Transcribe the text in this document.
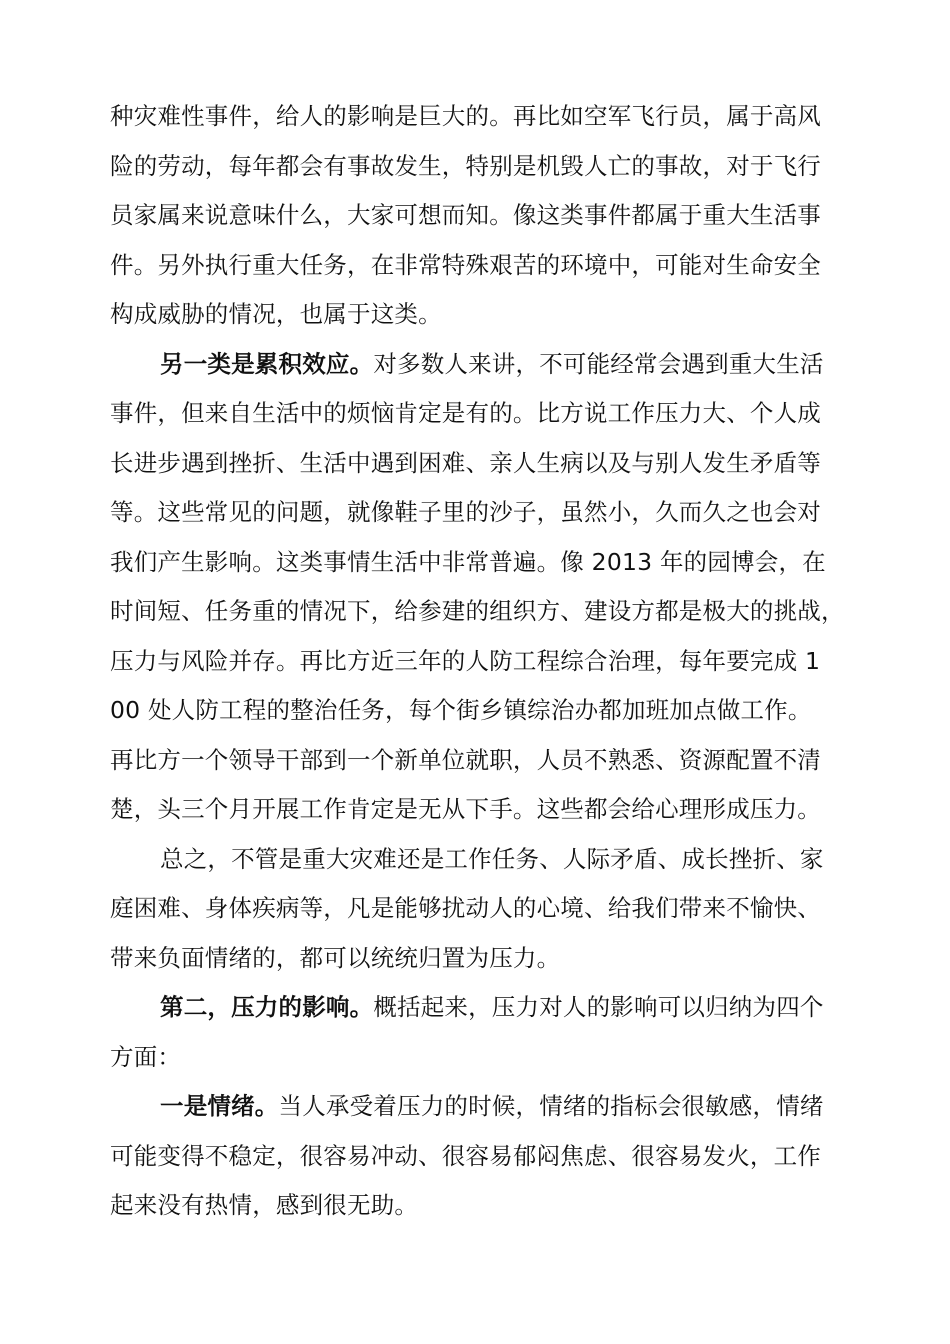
种灾难性事件，给人的影响是巨大的。再比如空军飞行员，属于高风
险的劳动，每年都会有事故发生，特别是机毁人亡的事故，对于飞行
员家属来说意味什么，大家可想而知。像这类事件都属于重大生活事
件。另外执行重大任务，在非常特殊艰苦的环境中，可能对生命安全
构成威胁的情况，也属于这类。
另一类是累积效应。对多数人来讲，不可能经常会遇到重大生活
事件，但来自生活中的烦恼肯定是有的。比方说工作压力大、个人成
长进步遇到挫折、生活中遇到困难、亲人生病以及与别人发生矛盾等
等。这些常见的问题，就像鞋子里的沙子，虽然小，久而久之也会对
我们产生影响。这类事情生活中非常普遍。像 2013 年的园博会，在
时间短、任务重的情况下，给参建的组织方、建设方都是极大的挑战，
压力与风险并存。再比方近三年的人防工程综合治理，每年要完成 1
00 处人防工程的整治任务，每个街乡镇综治办都加班加点做工作。
再比方一个领导干部到一个新单位就职，人员不熟悉、资源配置不清
楚，头三个月开展工作肯定是无从下手。这些都会给心理形成压力。
总之，不管是重大灾难还是工作任务、人际矛盾、成长挫折、家
庭困难、身体疾病等，凡是能够扰动人的心境、给我们带来不愉快、
带来负面情绪的，都可以统统归置为压力。
第二，压力的影响。概括起来，压力对人的影响可以归纳为四个
方面：
一是情绪。当人承受着压力的时候，情绪的指标会很敏感，情绪
可能变得不稳定，很容易冲动、很容易郁闷焦虑、很容易发火，工作
起来没有热情，感到很无助。
